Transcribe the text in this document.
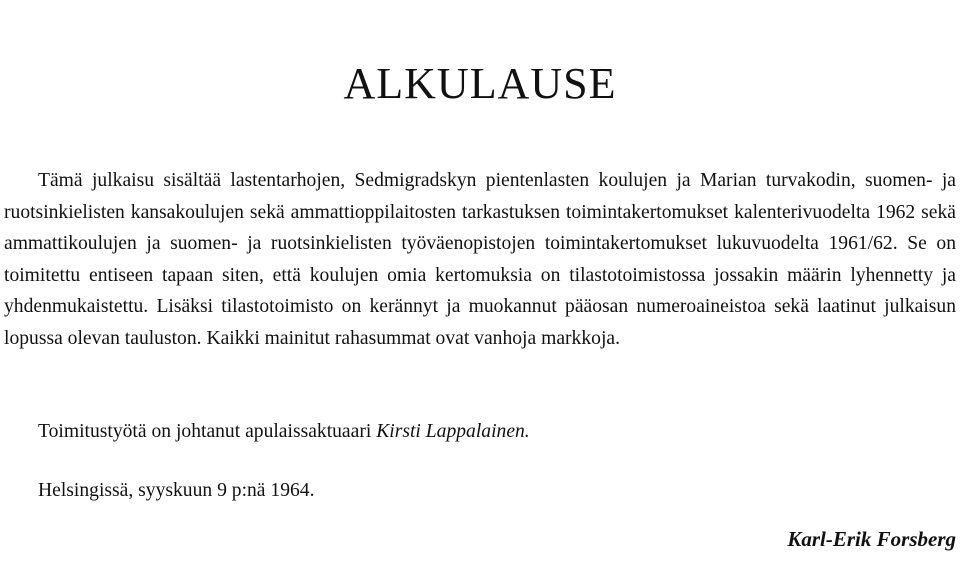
ALKULAUSE

Tämä julkaisu sisältää lastentarhojen, Sedmigradskyn pientenlasten koulujen ja Marian turvakodin, suomen- ja ruotsinkielisten kansakoulujen sekä ammattioppilaitosten tarkastuksen toimintakertomukset kalenterivuodelta 1962 sekä ammattikoulujen ja suomen- ja ruotsinkielisten työväenopistojen toimintakertomukset lukuvuodelta 1961/62. Se on toimitettu entiseen tapaan siten, että koulujen omia kertomuksia on tilastotoimistossa jossakin määrin lyhennetty ja yhdenmukaistettu. Lisäksi tilastotoimisto on kerännyt ja muokannut pääosan numeroaineistoa sekä laatinut julkaisun lopussa olevan tauluston. Kaikki mainitut rahasummat ovat vanhoja markkoja.

Toimitustyötä on johtanut apulaissaktuaari Kirsti Lappalainen.

Helsingissä, syyskuun 9 p:nä 1964.

Karl-Erik Forsberg
